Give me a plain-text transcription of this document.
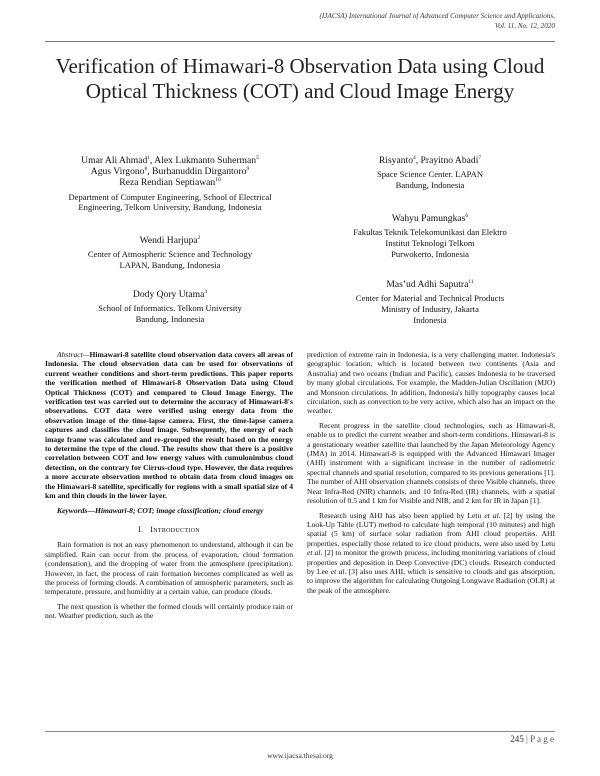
(IJACSA) International Journal of Advanced Computer Science and Applications,
Vol. 11, No. 12, 2020
Verification of Himawari-8 Observation Data using Cloud Optical Thickness (COT) and Cloud Image Energy
Umar Ali Ahmad$^1$, Alex Lukmanto Suherman$^5$
Agus Virgono$^8$, Burhanuddin Dirgantoro$^9$
Reza Rendian Septiawan$^{10}$
Department of Computer Engineering, School of Electrical
Engineering, Telkom University, Bandung, Indonesia
Wendi Harjupa$^2$
Center of Atmospheric Science and Technology
LAPAN, Bandung, Indonesia
Dody Qory Utama$^3$
School of Informatics. Telkom University
Bandung, Indonesia
Risyanto$^4$, Prayitno Abadi$^7$
Space Science Center. LAPAN
Bandung, Indonesia
Wahyu Pamungkas$^6$
Fakultas Teknik Telekomunikasi dan Elektro
Institut Teknologi Telkom
Purwokerto, Indonesia
Mas’ud Adhi Saputra$^{11}$
Center for Material and Technical Products
Ministry of Industry, Jakarta
Indonesia

Abstract—Himawari-8 satellite cloud observation data covers all areas of Indonesia. The cloud observation data can be used for observations of current weather conditions and short-term predictions. This paper reports the verification method of Himawari-8 Observation Data using Cloud Optical Thickness (COT) and compared to Cloud Image Energy. The verification test was carried out to determine the accuracy of Himawari-8's observations. COT data were verified using energy data from the observation image of the time-lapse camera. First, the time-lapse camera captures and classifies the cloud image. Subsequently, the energy of each image frame was calculated and re-grouped the result based on the energy to determine the type of the cloud. The results show that there is a positive correlation between COT and low energy values with cumulonimbus cloud detection, on the contrary for Cirrus-cloud type. However, the data requires a more accurate observation method to obtain data from cloud images on the Himawari-8 satellite, specifically for regions with a small spatial size of 4 km and thin clouds in the lower layer.

Keywords—Himawari-8; COT; image classification; cloud energy

I. Introduction

Rain formation is not an easy phenomenon to understand, although it can be simplified. Rain can occur from the process of evaporation, cloud formation (condensation), and the dropping of water from the atmosphere (precipitation). However, in fact, the process of rain formation becomes complicated as well as the process of forming clouds. A combination of atmospheric parameters, such as temperature, pressure, and humidity at a certain value, can produce clouds.

The next question is whether the formed clouds will certainly produce rain or not. Weather prediction, such as the

prediction of extreme rain in Indonesia, is a very challenging matter. Indonesia's geographic location, which is located between two continents (Asia and Australia) and two oceans (Indian and Pacific), causes Indonesia to be traversed by many global circulations. For example, the Madden-Julian Oscillation (MJO) and Monsoon circulations. In addition, Indonesia's hilly topography causes local circulation, such as convection to be very active, which also has an impact on the weather.

Recent progress in the satellite cloud technologies, such as Himawari-8, enable us to predict the current weather and short-term conditions. Himawari-8 is a geostationary weather satellite that launched by the Japan Meteorology Agency (JMA) in 2014. Himawari-8 is equipped with the Advanced Himawari Imager (AHI) instrument with a significant increase in the number of radiometric spectral channels and spatial resolution, compared to its previous generations [1]. The number of AHI observation channels consists of three Visible channels, three Near Infra-Red (NIR) channels, and 10 Infra-Red (IR) channels, with a spatial resolution of 0.5 and 1 km for Visible and NIR, and 2 km for IR in Japan [1].

Research using AHI has also been applied by Letu et al. [2] by using the Look-Up Table (LUT) method to calculate high temporal (10 minutes) and high spatial (5 km) of surface solar radiation from AHI cloud properties. AHI properties, especially those related to ice cloud products, were also used by Letu et al. [2] to monitor the growth process, including monitoring variations of cloud properties and deposition in Deep Convective (DC) clouds. Research conducted by Lee et al. [3] also uses AHI, which is sensitive to clouds and gas absorption, to improve the algorithm for calculating Outgoing Longwave Radiation (OLR) at the peak of the atmosphere.

245 | P a g e
www.ijacsa.thesai.org
